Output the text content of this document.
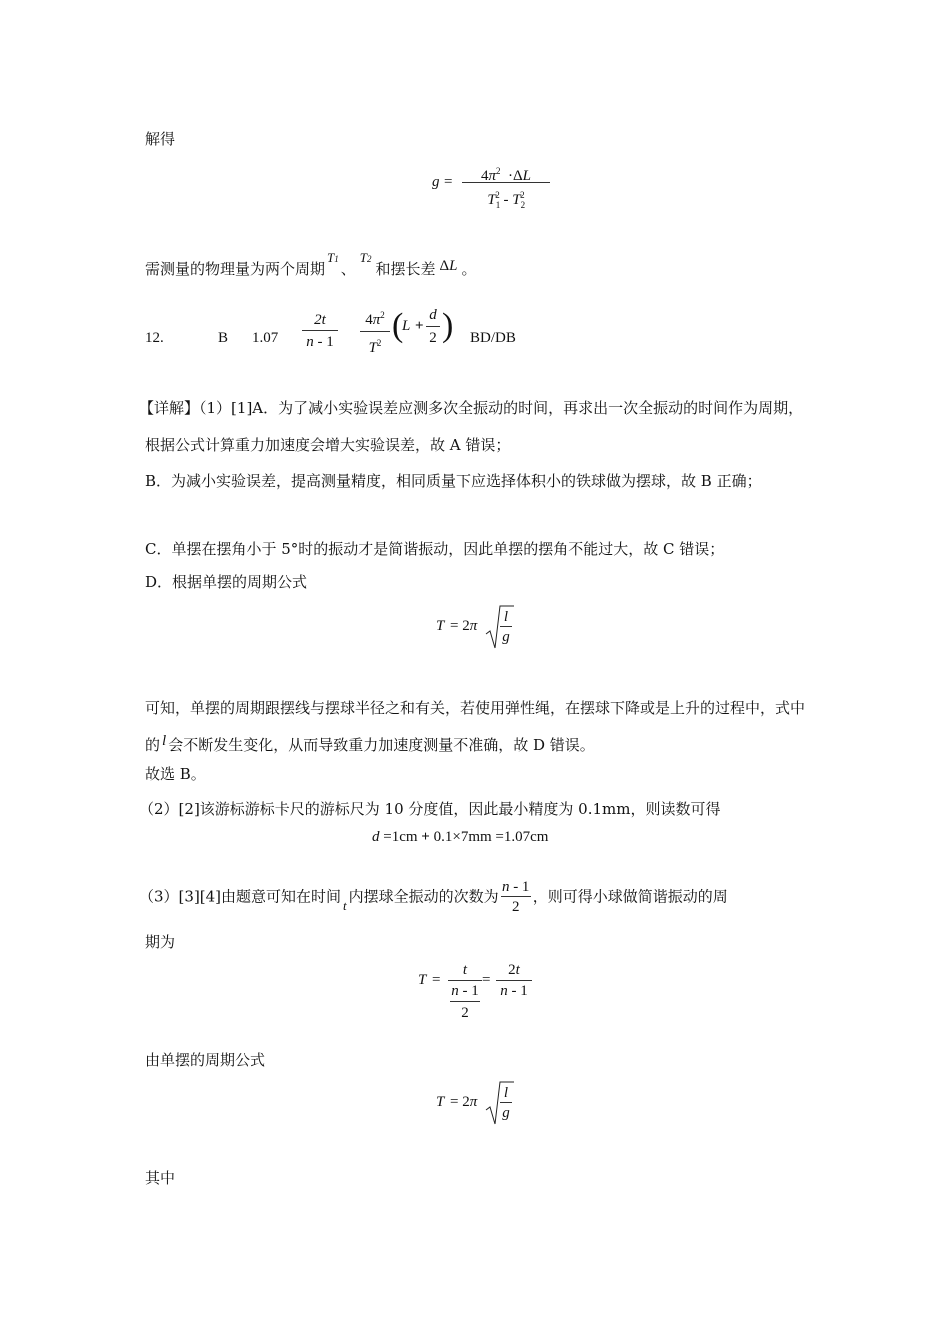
解得
g =	$4\pi^2 \cdot\Delta L$
$T_1^2 - T_2^2$
需测量的物理量为两个周期T1、T2和摆长差 ΔL 。
12.	B 1.07
2t
n - 1
$4\pi^2$
$T^2$ (
L +
d
2 ) BD/DB
【详解】（1）[1]A．为了减小实验误差应测多次全振动的时间，再求出一次全振动的时间作为周期，根据公式计算重力加速度会增大实验误差，故 A 错误；
B．为减小实验误差，提高测量精度，相同质量下应选择体积小的铁球做为摆球，故 B 正确；
C．单摆在摆角小于 5°时的振动才是简谐振动，因此单摆的摆角不能过大，故 C 错误；
D．根据单摆的周期公式
T = 2π
l
g
可知，单摆的周期跟摆线与摆球半径之和有关，若使用弹性绳，在摆球下降或是上升的过程中，式中的 l 会不断发生变化，从而导致重力加速度测量不准确，故 D 错误。
故选 B。
（2）[2]该游标游标卡尺的游标尺为 10 分度值，因此最小精度为 0.1mm，则读数可得
d =1cm + 0.1×7mm =1.07cm
（3）[3][4]由题意可知在时间 t 内摆球全振动的次数为 $\frac{n - 1}{2}$ ，则可得小球做简谐振动的周
期为
T =
t
n - 1
2
=
2t
n - 1
由单摆的周期公式
T = 2π
l
g
其中
